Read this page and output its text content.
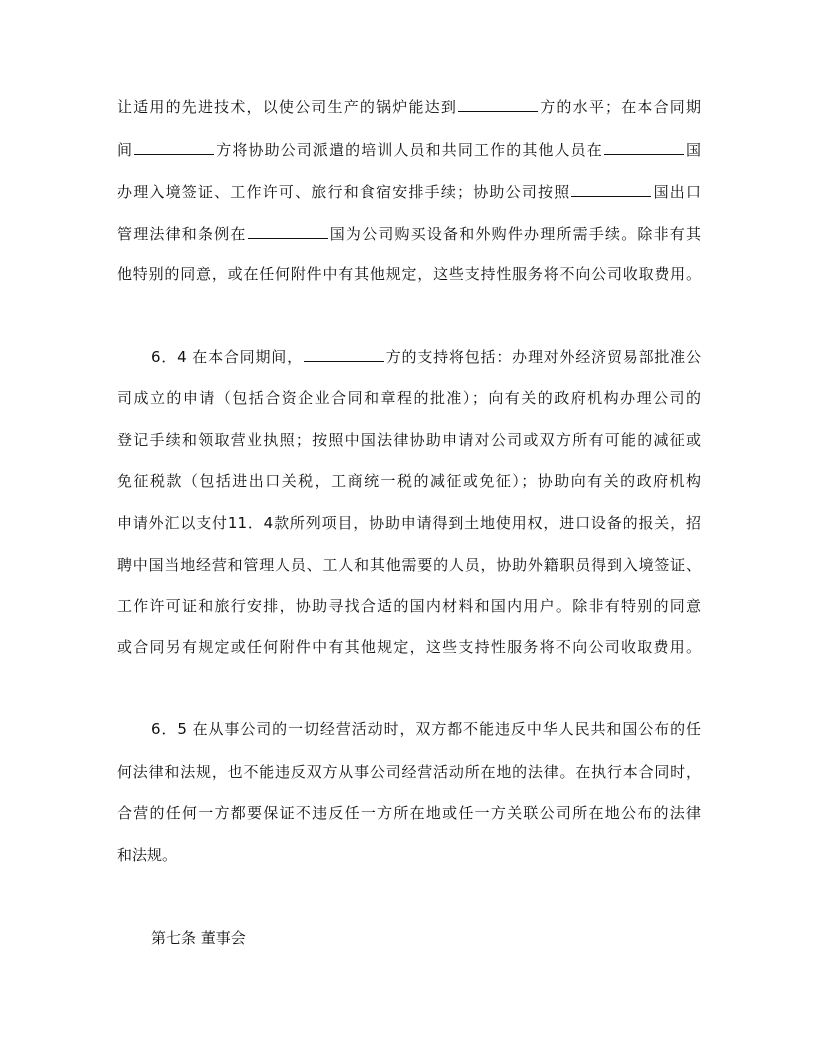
让适用的先进技术，以使公司生产的锅炉能达到	方的水平；在本合同期
间	方将协助公司派遣的培训人员和共同工作的其他人员在	国
办理入境签证、工作许可、旅行和食宿安排手续；协助公司按照	国出口
管理法律和条例在	国为公司购买设备和外购件办理所需手续。除非有其
他特别的同意，或在任何附件中有其他规定，这些支持性服务将不向公司收取费用。
6．4 在本合同期间，	方的支持将包括：办理对外经济贸易部批准公
司成立的申请（包括合资企业合同和章程的批准）；向有关的政府机构办理公司的
登记手续和领取营业执照；按照中国法律协助申请对公司或双方所有可能的减征或
免征税款（包括进出口关税，工商统一税的减征或免征）；协助向有关的政府机构
申请外汇以支付11．4款所列项目，协助申请得到土地使用权，进口设备的报关，招
聘中国当地经营和管理人员、工人和其他需要的人员，协助外籍职员得到入境签证、
工作许可证和旅行安排，协助寻找合适的国内材料和国内用户。除非有特别的同意
或合同另有规定或任何附件中有其他规定，这些支持性服务将不向公司收取费用。
6．5 在从事公司的一切经营活动时，双方都不能违反中华人民共和国公布的任
何法律和法规，也不能违反双方从事公司经营活动所在地的法律。在执行本合同时，
合营的任何一方都要保证不违反任一方所在地或任一方关联公司所在地公布的法律
和法规。
第七条 董事会
